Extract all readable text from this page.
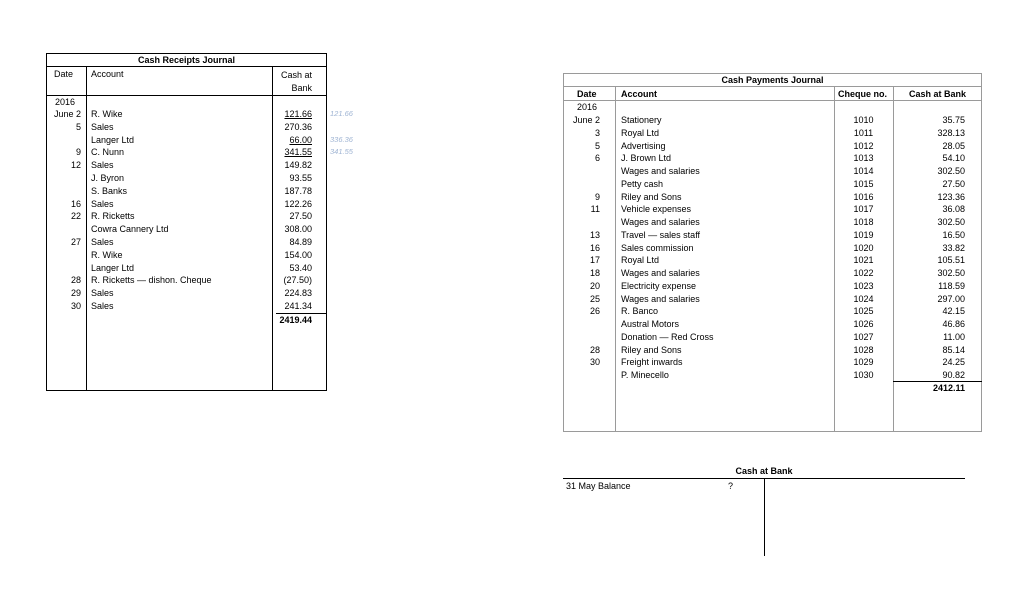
Cash Receipts Journal
Date Account	Cash at
Bank
2016
June 2 R. Wike	121.66 121.66
5 Sales	270.36
Langer Ltd	66.00 336.36
9 C. Nunn	341.55 341.55
12 Sales	149.82
J. Byron	93.55
S. Banks	187.78
16 Sales	122.26
22 R. Ricketts	27.50
Cowra Cannery Ltd	308.00
27 Sales	84.89
R. Wike	154.00
Langer Ltd	53.40
28 R. Ricketts — dishon. Cheque	(27.50)
29 Sales	224.83
30 Sales	241.34
2419.44
Cash Payments Journal
Date	Account	Cheque no. Cash at Bank
2016
June 2 Stationery	1010	35.75
3 Royal Ltd	1011	328.13
5 Advertising	1012	28.05
6 J. Brown Ltd	1013	54.10
Wages and salaries	1014	302.50
Petty cash	1015	27.50
9 Riley and Sons	1016	123.36
11 Vehicle expenses	1017	36.08
Wages and salaries	1018	302.50
13 Travel — sales staff	1019	16.50
16 Sales commission	1020	33.82
17 Royal Ltd	1021	105.51
18 Wages and salaries	1022	302.50
20 Electricity expense	1023	118.59
25 Wages and salaries	1024	297.00
26 R. Banco	1025	42.15
Austral Motors	1026	46.86
Donation — Red Cross	1027	11.00
28 Riley and Sons	1028	85.14
30 Freight inwards	1029	24.25
P. Minecello	1030	90.82
2412.11
Cash at Bank
31 May Balance	?
